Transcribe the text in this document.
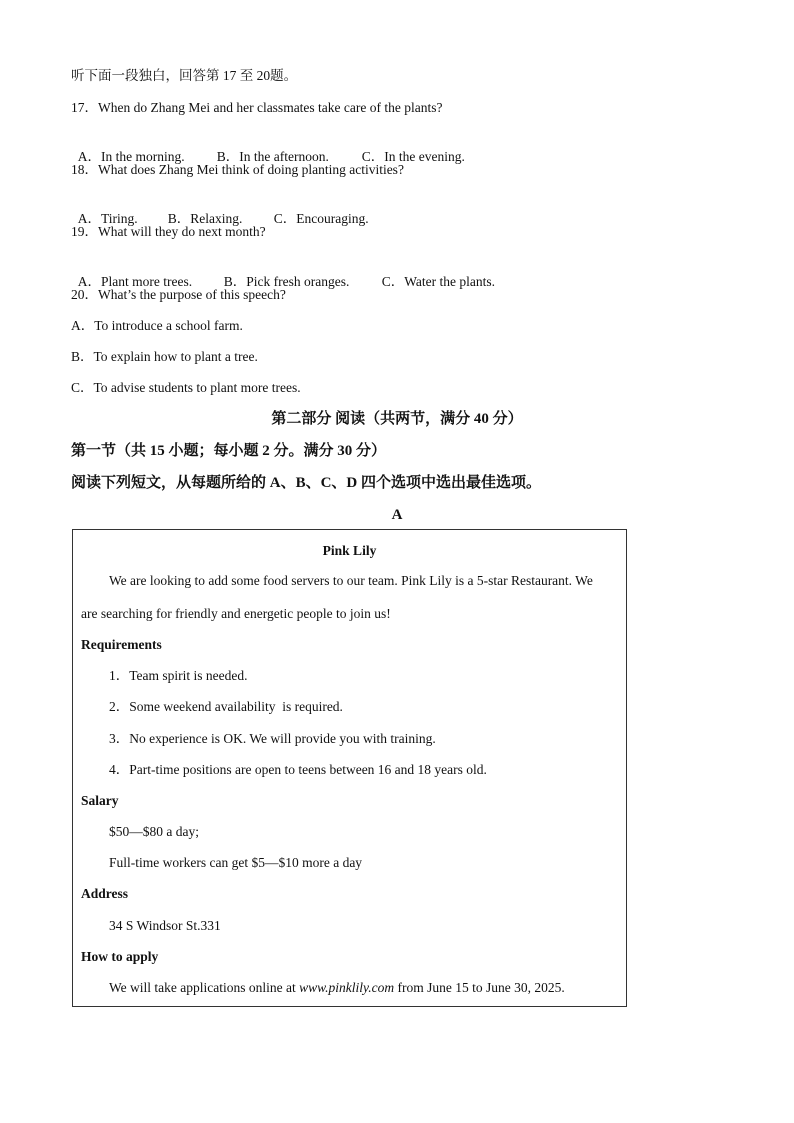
听下面一段独白，回答第 17 至 20题。
17．When do Zhang Mei and her classmates take care of the plants?

A．In the morning. B．In the afternoon. C．In the evening.

18．What does Zhang Mei think of doing planting activities?

A．Tiring. B．Relaxing. C．Encouraging.

19．What will they do next month?

A．Plant more trees. B．Pick fresh oranges. C．Water the plants.

20．What’s the purpose of this speech?
A．To introduce a school farm.
B．To explain how to plant a tree.
C．To advise students to plant more trees.
第二部分 阅读（共两节，满分 40 分）
第一节（共 15 小题；每小题 2 分。满分 30 分）
阅读下列短文，从每题所给的 A、B、C、D 四个选项中选出最佳选项。
A
Pink Lily
We are looking to add some food servers to our team. Pink Lily is a 5-star Restaurant. We
are searching for friendly and energetic people to join us!
Requirements
1．Team spirit is needed.
2．Some weekend availability  is required.
3．No experience is OK. We will provide you with training.
4．Part-time positions are open to teens between 16 and 18 years old.
Salary
$50—$80 a day;
Full-time workers can get $5—$10 more a day
Address
34 S Windsor St.331
How to apply
We will take applications online at www.pinklily.com from June 15 to June 30, 2025.
